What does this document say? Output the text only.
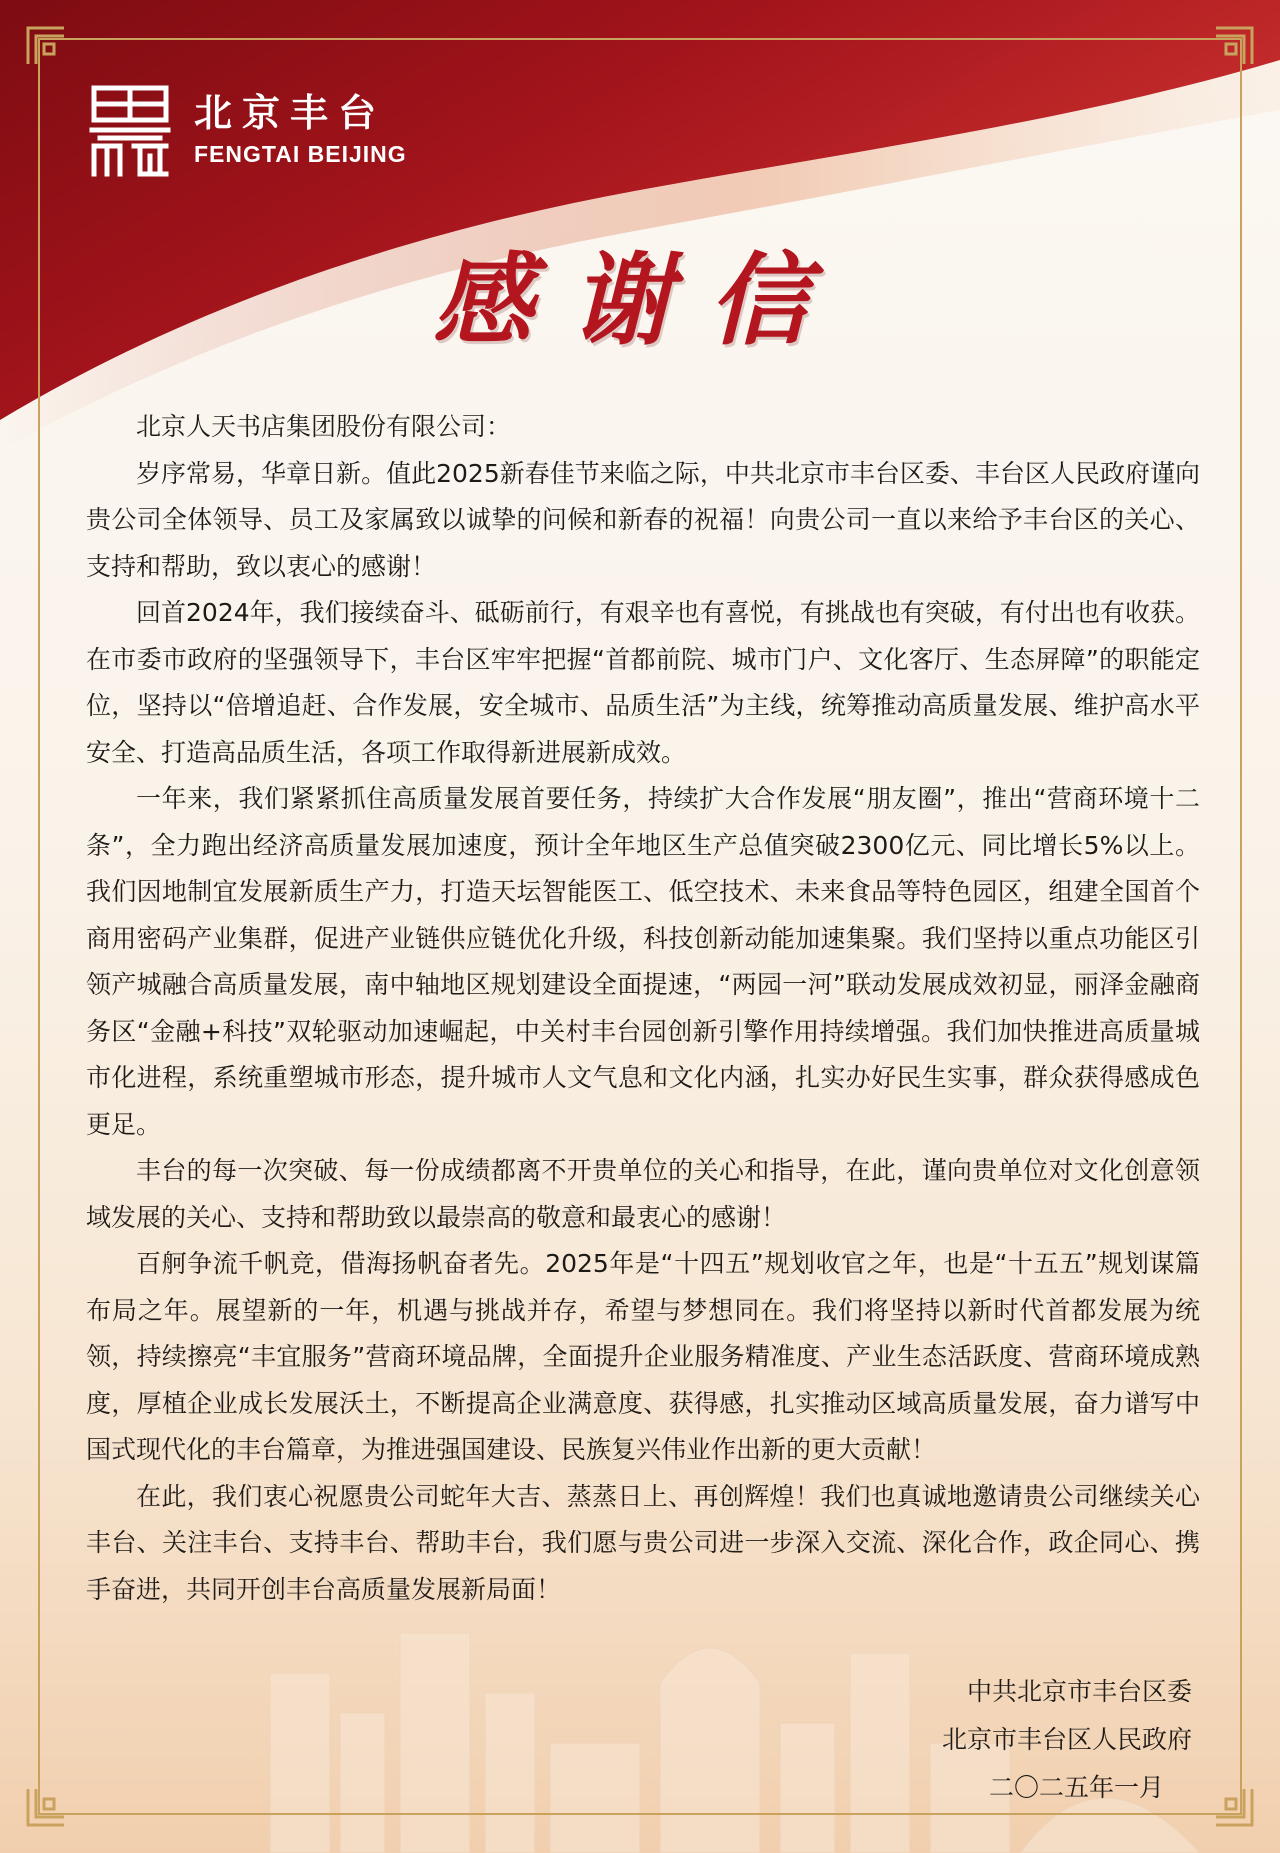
北京丰台
FENGTAI BEIJING
感谢信

北京人天书店集团股份有限公司：

岁序常易，华章日新。值此2025新春佳节来临之际，中共北京市丰台区委、丰台区人民政府谨向贵公司全体领导、员工及家属致以诚挚的问候和新春的祝福！向贵公司一直以来给予丰台区的关心、支持和帮助，致以衷心的感谢！

回首2024年，我们接续奋斗、砥砺前行，有艰辛也有喜悦，有挑战也有突破，有付出也有收获。在市委市政府的坚强领导下，丰台区牢牢把握“首都前院、城市门户、文化客厅、生态屏障”的职能定位，坚持以“倍增追赶、合作发展，安全城市、品质生活”为主线，统筹推动高质量发展、维护高水平安全、打造高品质生活，各项工作取得新进展新成效。

一年来，我们紧紧抓住高质量发展首要任务，持续扩大合作发展“朋友圈”，推出“营商环境十二条”，全力跑出经济高质量发展加速度，预计全年地区生产总值突破2300亿元、同比增长5%以上。我们因地制宜发展新质生产力，打造天坛智能医工、低空技术、未来食品等特色园区，组建全国首个商用密码产业集群，促进产业链供应链优化升级，科技创新动能加速集聚。我们坚持以重点功能区引领产城融合高质量发展，南中轴地区规划建设全面提速，“两园一河”联动发展成效初显，丽泽金融商务区“金融+科技”双轮驱动加速崛起，中关村丰台园创新引擎作用持续增强。我们加快推进高质量城市化进程，系统重塑城市形态，提升城市人文气息和文化内涵，扎实办好民生实事，群众获得感成色更足。

丰台的每一次突破、每一份成绩都离不开贵单位的关心和指导，在此，谨向贵单位对文化创意领域发展的关心、支持和帮助致以最崇高的敬意和最衷心的感谢！

百舸争流千帆竞，借海扬帆奋者先。2025年是“十四五”规划收官之年，也是“十五五”规划谋篇布局之年。展望新的一年，机遇与挑战并存，希望与梦想同在。我们将坚持以新时代首都发展为统领，持续擦亮“丰宜服务”营商环境品牌，全面提升企业服务精准度、产业生态活跃度、营商环境成熟度，厚植企业成长发展沃土，不断提高企业满意度、获得感，扎实推动区域高质量发展，奋力谱写中国式现代化的丰台篇章，为推进强国建设、民族复兴伟业作出新的更大贡献！

在此，我们衷心祝愿贵公司蛇年大吉、蒸蒸日上、再创辉煌！我们也真诚地邀请贵公司继续关心丰台、关注丰台、支持丰台、帮助丰台，我们愿与贵公司进一步深入交流、深化合作，政企同心、携手奋进，共同开创丰台高质量发展新局面！

中共北京市丰台区委
北京市丰台区人民政府
二〇二五年一月
